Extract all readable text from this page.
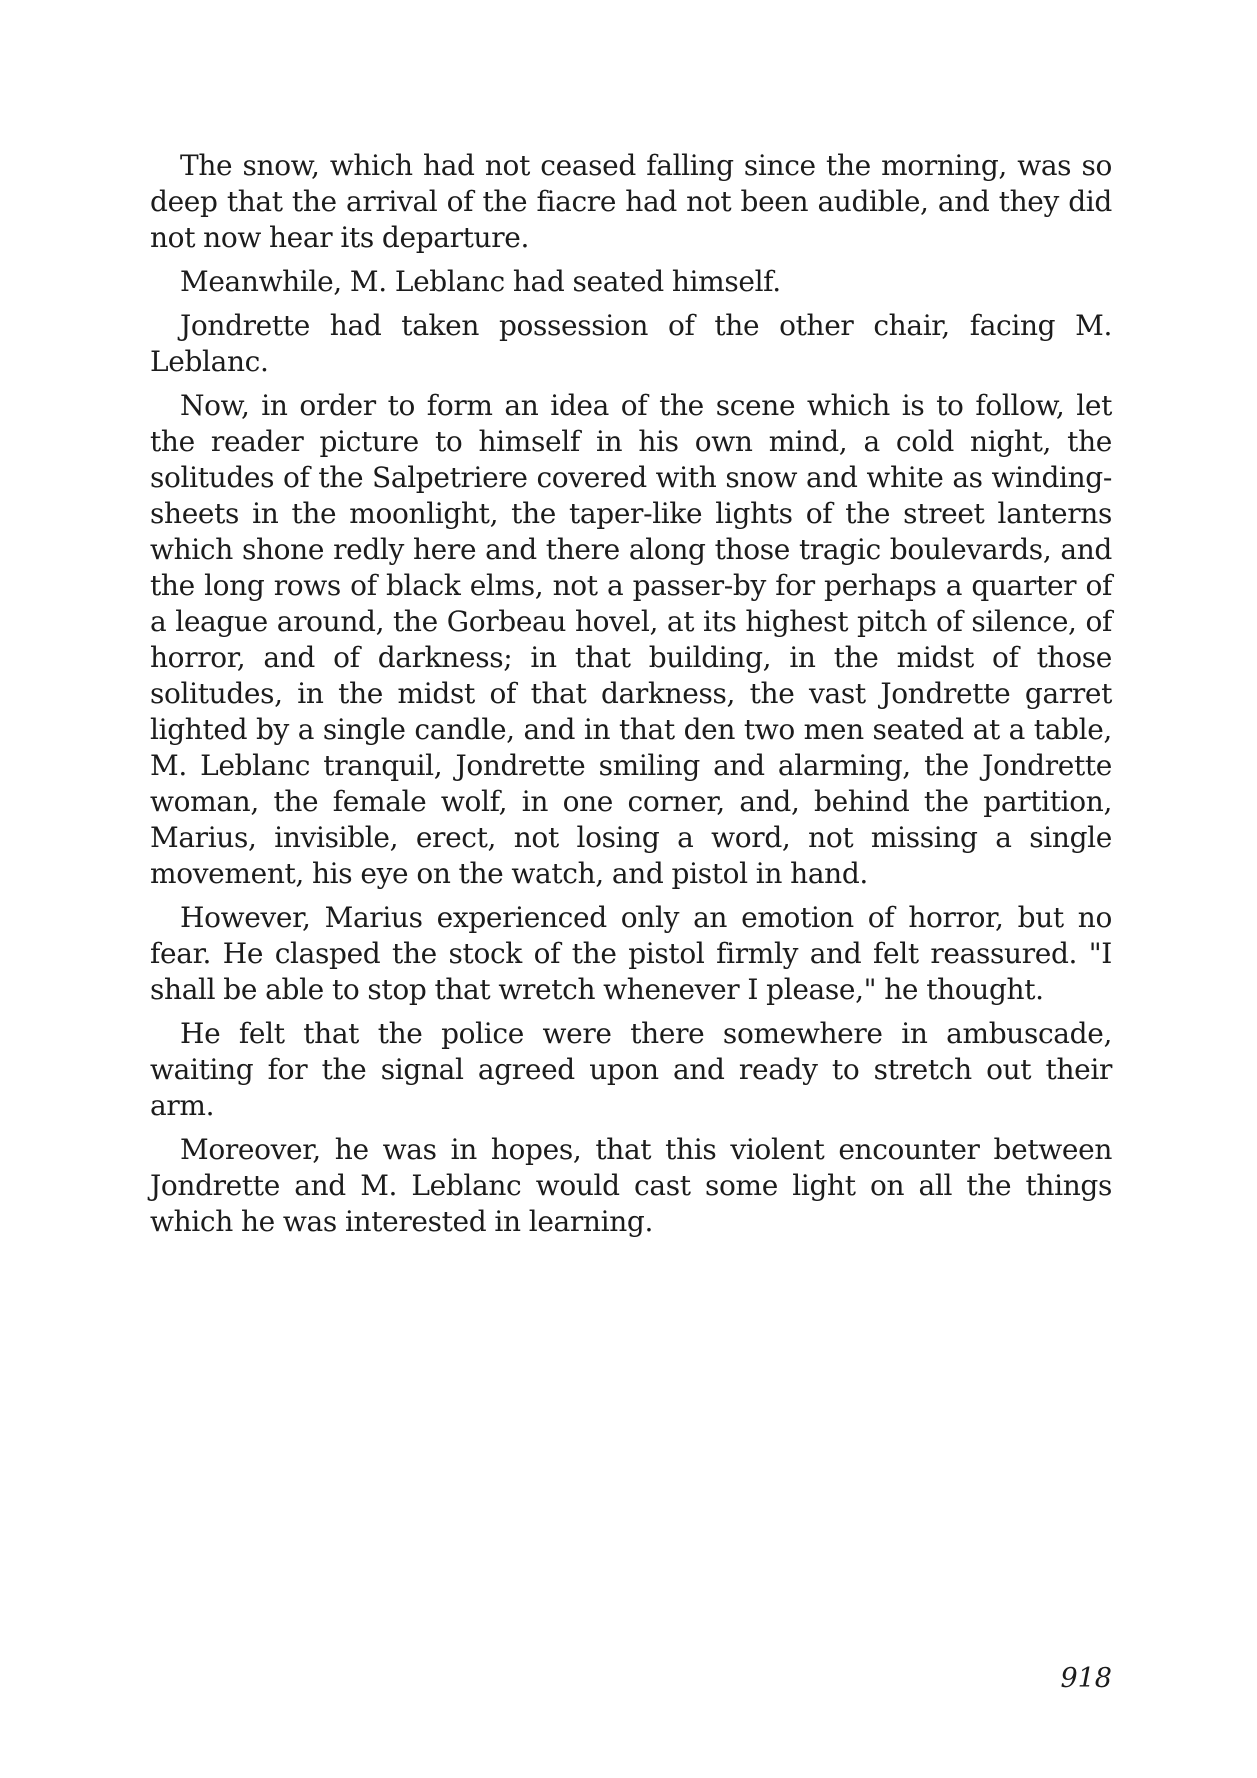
The snow, which had not ceased falling since the morning, was so deep that the arrival of the fiacre had not been audible, and they did not now hear its departure.

Meanwhile, M. Leblanc had seated himself.

Jondrette had taken possession of the other chair, facing M. Leblanc.

Now, in order to form an idea of the scene which is to follow, let the reader picture to himself in his own mind, a cold night, the solitudes of the Salpetriere covered with snow and white as winding-sheets in the moonlight, the taper-like lights of the street lanterns which shone redly here and there along those tragic boulevards, and the long rows of black elms, not a passer-by for perhaps a quarter of a league around, the Gorbeau hovel, at its highest pitch of silence, of horror, and of darkness; in that building, in the midst of those solitudes, in the midst of that darkness, the vast Jondrette garret lighted by a single candle, and in that den two men seated at a table, M. Leblanc tranquil, Jondrette smiling and alarming, the Jondrette woman, the female wolf, in one corner, and, behind the partition, Marius, invisible, erect, not losing a word, not missing a single movement, his eye on the watch, and pistol in hand.

However, Marius experienced only an emotion of horror, but no fear. He clasped the stock of the pistol firmly and felt reassured. "I shall be able to stop that wretch whenever I please," he thought.

He felt that the police were there somewhere in ambuscade, waiting for the signal agreed upon and ready to stretch out their arm.

Moreover, he was in hopes, that this violent encounter between Jondrette and M. Leblanc would cast some light on all the things which he was interested in learning.

918
